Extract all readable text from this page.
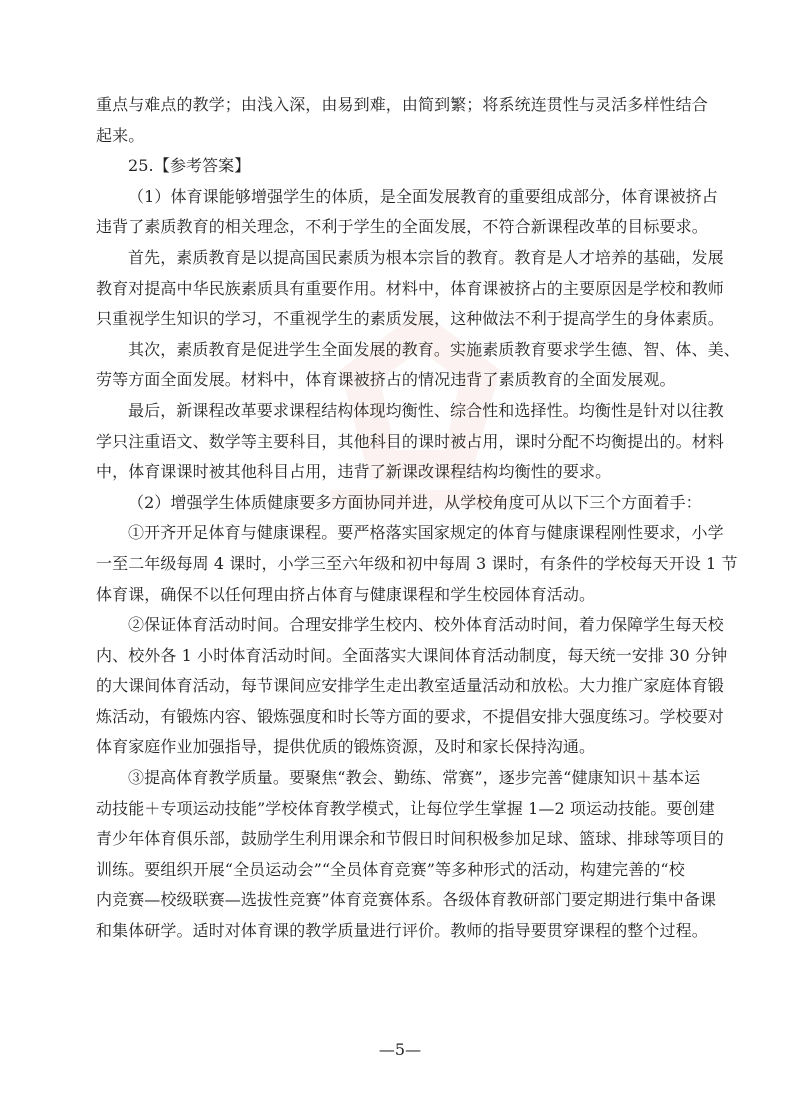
重点与难点的教学；由浅入深，由易到难，由简到繁；将系统连贯性与灵活多样性结合
起来。
25.【参考答案】
（1）体育课能够增强学生的体质，是全面发展教育的重要组成部分，体育课被挤占
违背了素质教育的相关理念，不利于学生的全面发展，不符合新课程改革的目标要求。
首先，素质教育是以提高国民素质为根本宗旨的教育。教育是人才培养的基础，发展
教育对提高中华民族素质具有重要作用。材料中，体育课被挤占的主要原因是学校和教师
只重视学生知识的学习，不重视学生的素质发展，这种做法不利于提高学生的身体素质。
其次，素质教育是促进学生全面发展的教育。实施素质教育要求学生德、智、体、美、
劳等方面全面发展。材料中，体育课被挤占的情况违背了素质教育的全面发展观。
最后，新课程改革要求课程结构体现均衡性、综合性和选择性。均衡性是针对以往教
学只注重语文、数学等主要科目，其他科目的课时被占用，课时分配不均衡提出的。材料
中，体育课课时被其他科目占用，违背了新课改课程结构均衡性的要求。
（2）增强学生体质健康要多方面协同并进，从学校角度可从以下三个方面着手：
①开齐开足体育与健康课程。要严格落实国家规定的体育与健康课程刚性要求，小学
一至二年级每周 4 课时，小学三至六年级和初中每周 3 课时，有条件的学校每天开设 1 节
体育课，确保不以任何理由挤占体育与健康课程和学生校园体育活动。
②保证体育活动时间。合理安排学生校内、校外体育活动时间，着力保障学生每天校
内、校外各 1 小时体育活动时间。全面落实大课间体育活动制度，每天统一安排 30 分钟
的大课间体育活动，每节课间应安排学生走出教室适量活动和放松。大力推广家庭体育锻
炼活动，有锻炼内容、锻炼强度和时长等方面的要求，不提倡安排大强度练习。学校要对
体育家庭作业加强指导，提供优质的锻炼资源，及时和家长保持沟通。
③提高体育教学质量。要聚焦“教会、勤练、常赛”，逐步完善“健康知识＋基本运
动技能＋专项运动技能”学校体育教学模式，让每位学生掌握 1—2 项运动技能。要创建
青少年体育俱乐部，鼓励学生利用课余和节假日时间积极参加足球、篮球、排球等项目的
训练。要组织开展“全员运动会”“全员体育竞赛”等多种形式的活动，构建完善的“校
内竞赛—校级联赛—选拔性竞赛”体育竞赛体系。各级体育教研部门要定期进行集中备课
和集体研学。适时对体育课的教学质量进行评价。教师的指导要贯穿课程的整个过程。
—5—
